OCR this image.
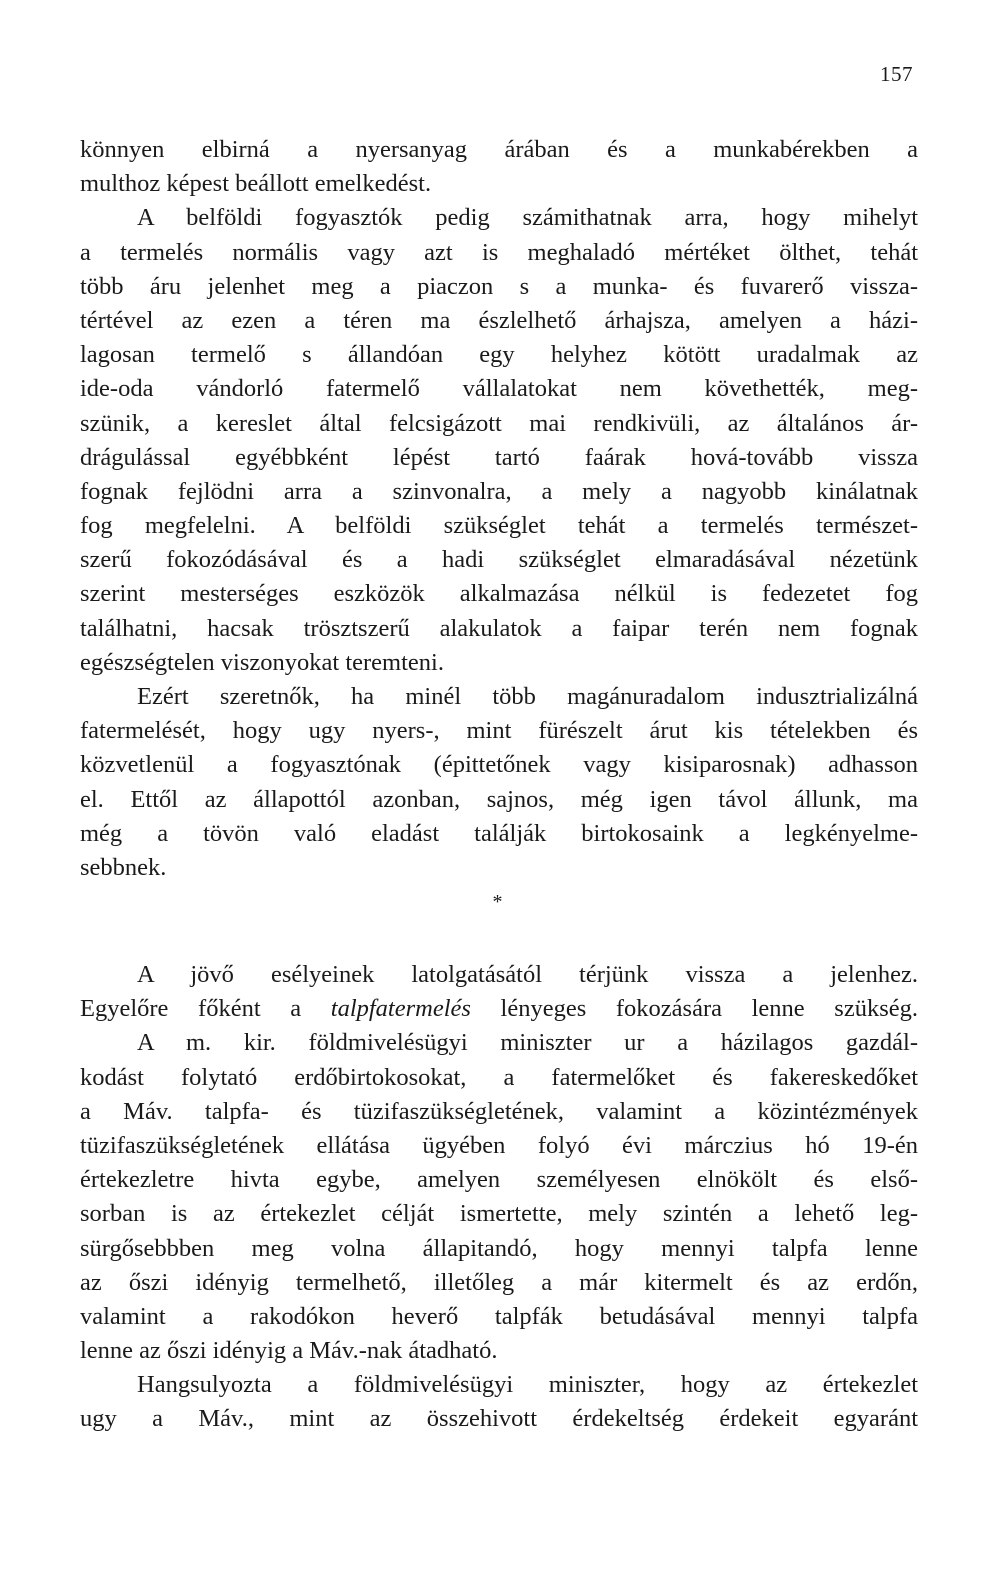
157
könnyen elbirná a nyersanyag árában és a munkabérekben a
multhoz képest beállott emelkedést.
A belföldi fogyasztók pedig számithatnak arra, hogy mihelyt
a termelés normális vagy azt is meghaladó mértéket ölthet, tehát
több áru jelenhet meg a piaczon s a munka- és fuvarerő vissza-
tértével az ezen a téren ma észlelhető árhajsza, amelyen a házi-
lagosan termelő s állandóan egy helyhez kötött uradalmak az
ide-oda vándorló fatermelő vállalatokat nem követhették, meg-
szünik, a kereslet által felcsigázott mai rendkivüli, az általános ár-
drágulással egyébbként lépést tartó faárak hová-tovább vissza
fognak fejlödni arra a szinvonalra, a mely a nagyobb kinálatnak
fog megfelelni. A belföldi szükséglet tehát a termelés természet-
szerű fokozódásával és a hadi szükséglet elmaradásával nézetünk
szerint mesterséges eszközök alkalmazása nélkül is fedezetet fog
találhatni, hacsak trösztszerű alakulatok a faipar terén nem fognak
egészségtelen viszonyokat teremteni.
Ezért szeretnők, ha minél több magánuradalom indusztrializálná
fatermelését, hogy ugy nyers-, mint fürészelt árut kis tételekben és
közvetlenül a fogyasztónak (épittetőnek vagy kisiparosnak) adhasson
el. Ettől az állapottól azonban, sajnos, még igen távol állunk, ma
még a tövön való eladást találják birtokosaink a legkényelme-
sebbnek.
*
A jövő esélyeinek latolgatásától térjünk vissza a jelenhez.
Egyelőre főként a talpfatermelés lényeges fokozására lenne szükség.
A m. kir. földmivelésügyi miniszter ur a házilagos gazdál-
kodást folytató erdőbirtokosokat, a fatermelőket és fakereskedőket
a Máv. talpfa- és tüzifaszükségletének, valamint a közintézmények
tüzifaszükségletének ellátása ügyében folyó évi márczius hó 19-én
értekezletre hivta egybe, amelyen személyesen elnökölt és első-
sorban is az értekezlet célját ismertette, mely szintén a lehető leg-
sürgősebbben meg volna állapitandó, hogy mennyi talpfa lenne
az őszi idényig termelhető, illetőleg a már kitermelt és az erdőn,
valamint a rakodókon heverő talpfák betudásával mennyi talpfa
lenne az őszi idényig a Máv.-nak átadható.
Hangsulyozta a földmivelésügyi miniszter, hogy az értekezlet
ugy a Máv., mint az összehivott érdekeltség érdekeit egyaránt
